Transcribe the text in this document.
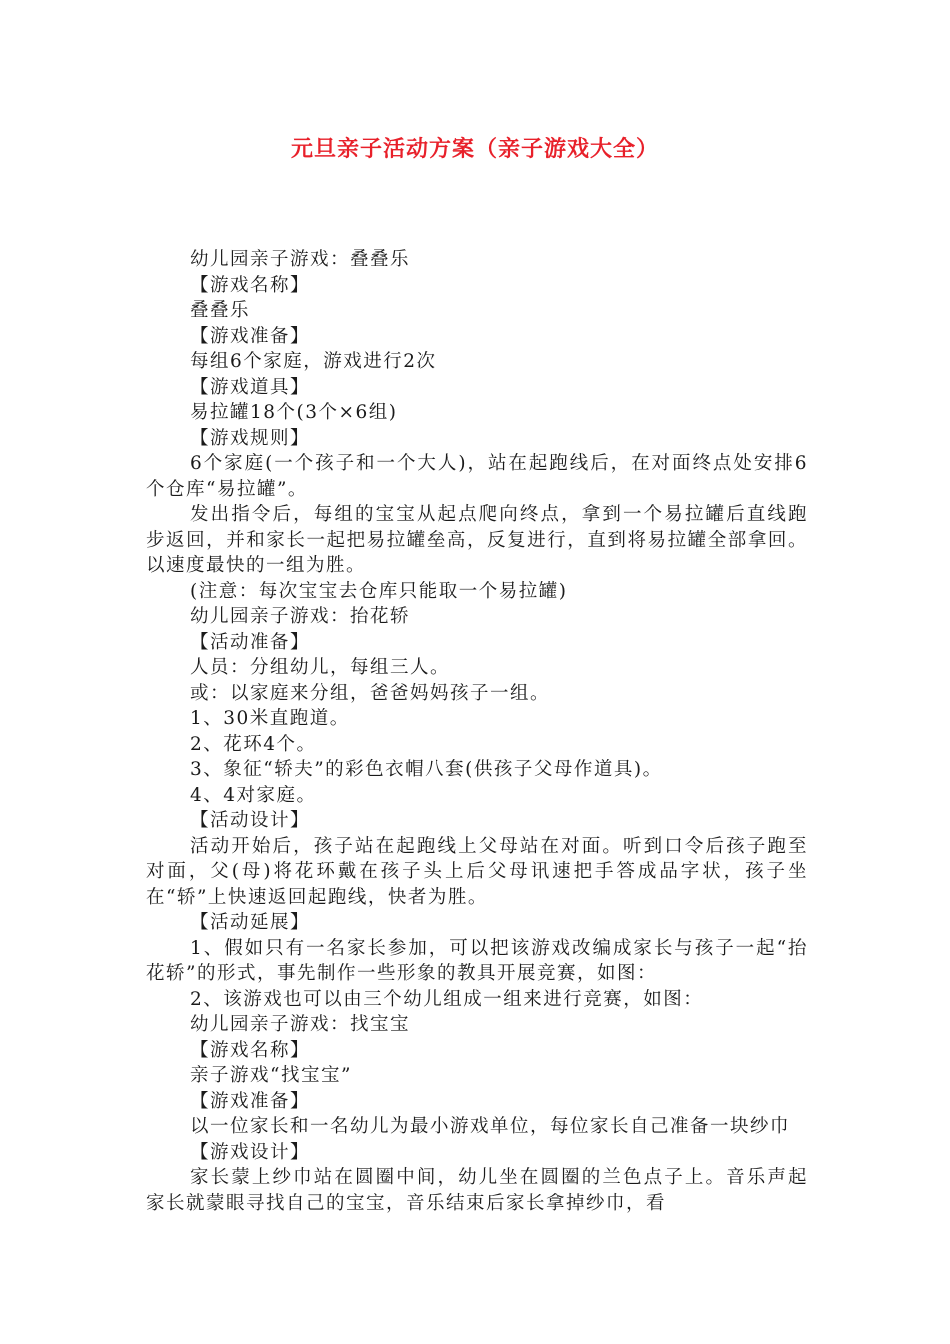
元旦亲子活动方案（亲子游戏大全）

幼儿园亲子游戏：叠叠乐

【游戏名称】

叠叠乐

【游戏准备】

每组6个家庭，游戏进行2次

【游戏道具】

易拉罐18个(3个×6组)

【游戏规则】

6个家庭(一个孩子和一个大人)，站在起跑线后，在对面终点处安排6个仓库“易拉罐”。

发出指令后，每组的宝宝从起点爬向终点，拿到一个易拉罐后直线跑步返回，并和家长一起把易拉罐垒高，反复进行，直到将易拉罐全部拿回。以速度最快的一组为胜。

(注意：每次宝宝去仓库只能取一个易拉罐)

幼儿园亲子游戏：抬花轿

【活动准备】

人员：分组幼儿，每组三人。

或：以家庭来分组，爸爸妈妈孩子一组。

1、30米直跑道。

2、花环4个。

3、象征“轿夫”的彩色衣帽八套(供孩子父母作道具)。

4、4对家庭。

【活动设计】

活动开始后，孩子站在起跑线上父母站在对面。听到口令后孩子跑至对面，父(母)将花环戴在孩子头上后父母讯速把手答成品字状，孩子坐在“轿”上快速返回起跑线，快者为胜。

【活动延展】

1、假如只有一名家长参加，可以把该游戏改编成家长与孩子一起“抬花轿”的形式，事先制作一些形象的教具开展竞赛，如图：

2、该游戏也可以由三个幼儿组成一组来进行竞赛，如图：

幼儿园亲子游戏：找宝宝

【游戏名称】

亲子游戏“找宝宝”

【游戏准备】

以一位家长和一名幼儿为最小游戏单位，每位家长自己准备一块纱巾

【游戏设计】

家长蒙上纱巾站在圆圈中间，幼儿坐在圆圈的兰色点子上。音乐声起家长就蒙眼寻找自己的宝宝，音乐结束后家长拿掉纱巾，看
